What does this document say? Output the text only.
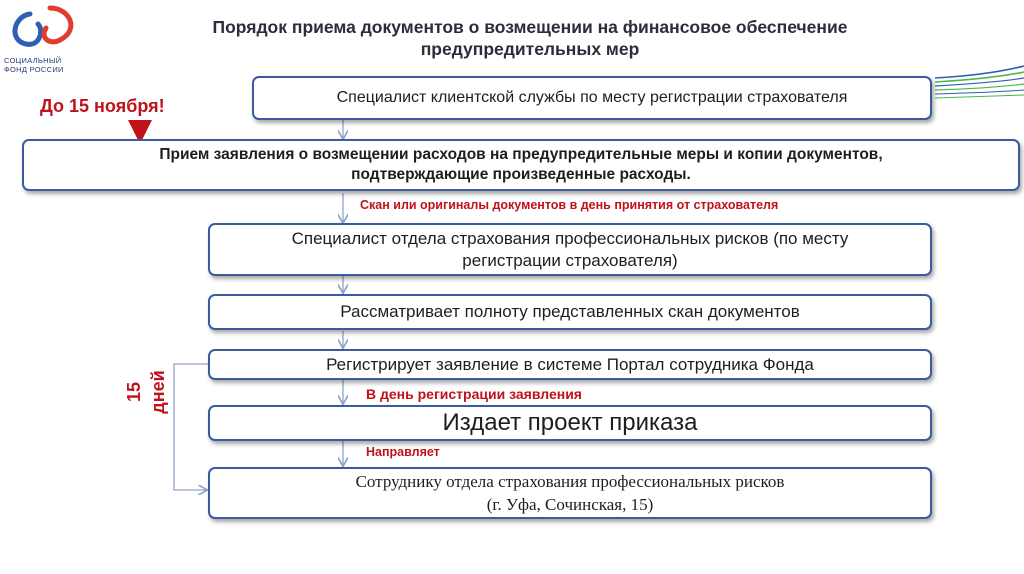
СОЦИАЛЬНЫЙ
ФОНД РОССИИ
Порядок приема документов о возмещении на финансовое обеспечение
предупредительных мер
До 15 ноября!	Специалист клиентской службы по месту регистрации страхователя
Прием заявления о возмещении расходов на предупредительные меры и копии документов,
подтверждающие произведенные расходы.
Скан или оригиналы документов в день принятия от страхователя
Специалист отдела страхования профессиональных рисков (по месту
регистрации страхователя)
Рассматривает полноту представленных скан документов
Регистрирует заявление в системе Портал сотрудника Фонда
В день регистрации заявления
Издает проект приказа
Направляет
Сотруднику отдела страхования профессиональных рисков
(г. Уфа, Сочинская, 15)
15 дней
